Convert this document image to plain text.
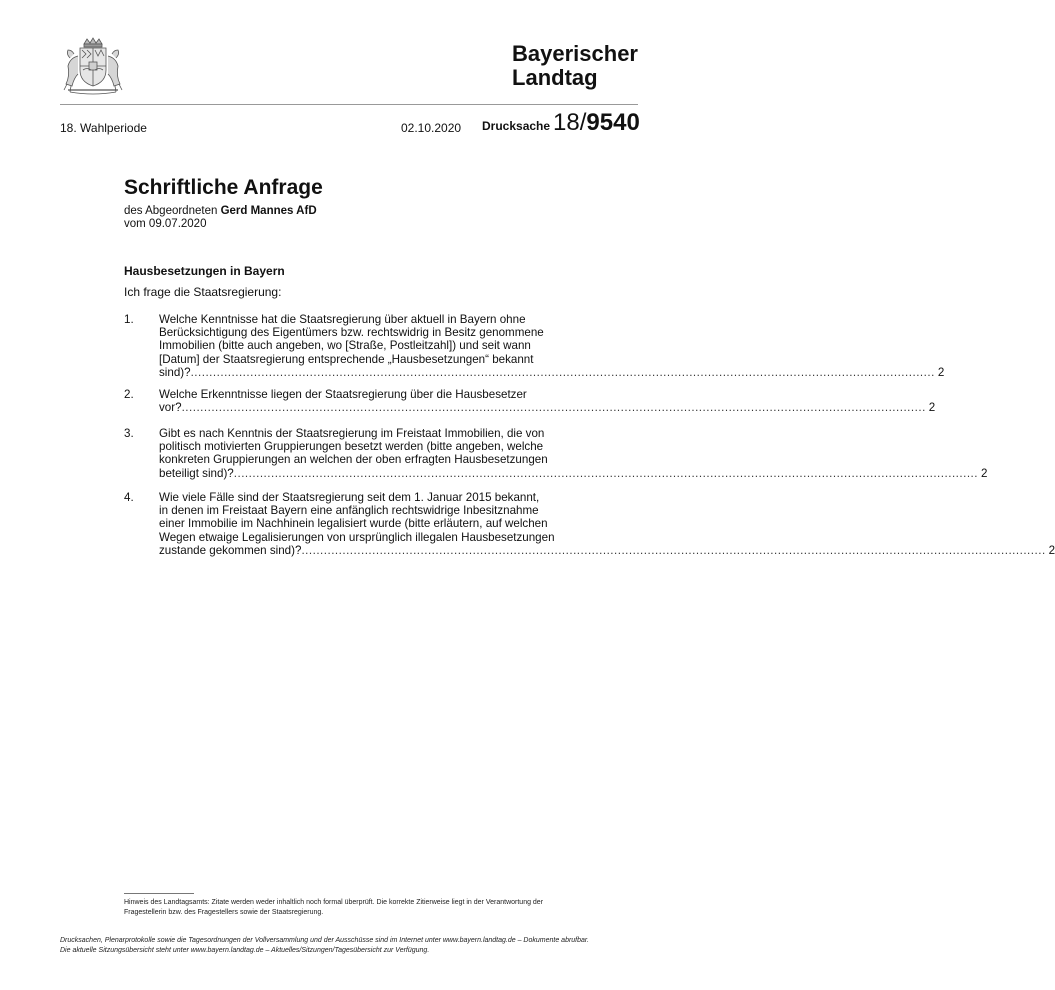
Bayerischer
Landtag
18. Wahlperiode	02.10.2020 Drucksache 18 / 9540
Schriftliche Anfrage
des Abgeordneten Gerd Mannes AfD
vom 09.07.2020
Hausbesetzungen in Bayern
Ich frage die Staatsregierung:
1. Welche Kenntnisse hat die Staatsregierung über aktuell in Bayern ohne
Berücksichtigung des Eigentümers bzw. rechtswidrig in Besitz genommene
Immobilien (bitte auch angeben, wo [Straße, Postleitzahl]) und seit wann
[Datum] der Staatsregierung entsprechende „Hausbesetzungen“ bekannt
sind)? ........................................................................................................................................................................................................ 2
2. Welche Erkenntnisse liegen der Staatsregierung über die Hausbesetzer
vor? ........................................................................................................................................................................................................ 2
3. Gibt es nach Kenntnis der Staatsregierung im Freistaat Immobilien, die von
politisch motivierten Gruppierungen besetzt werden (bitte angeben, welche
konkreten Gruppierungen an welchen der oben erfragten Hausbesetzungen
beteiligt sind)? ........................................................................................................................................................................................................ 2
4. Wie viele Fälle sind der Staatsregierung seit dem 1. Januar 2015 bekannt,
in denen im Freistaat Bayern eine anfänglich rechtswidrige Inbesitznahme
einer Immobilie im Nachhinein legalisiert wurde (bitte erläutern, auf welchen
Wegen etwaige Legalisierungen von ursprünglich illegalen Hausbesetzungen
zustande gekommen sind)? ........................................................................................................................................................................................................ 2
Hinweis des Landtagsamts: Zitate werden weder inhaltlich noch formal überprüft. Die korrekte Zitierweise liegt in der Verantwortung der
Fragestellerin bzw. des Fragestellers sowie der Staatsregierung.
Drucksachen, Plenarprotokolle sowie die Tagesordnungen der Vollversammlung und der Ausschüsse sind im Internet unter www.bayern.landtag.de – Dokumente abrufbar.
Die aktuelle Sitzungsübersicht steht unter www.bayern.landtag.de – Aktuelles/Sitzungen/Tagesübersicht zur Verfügung.
